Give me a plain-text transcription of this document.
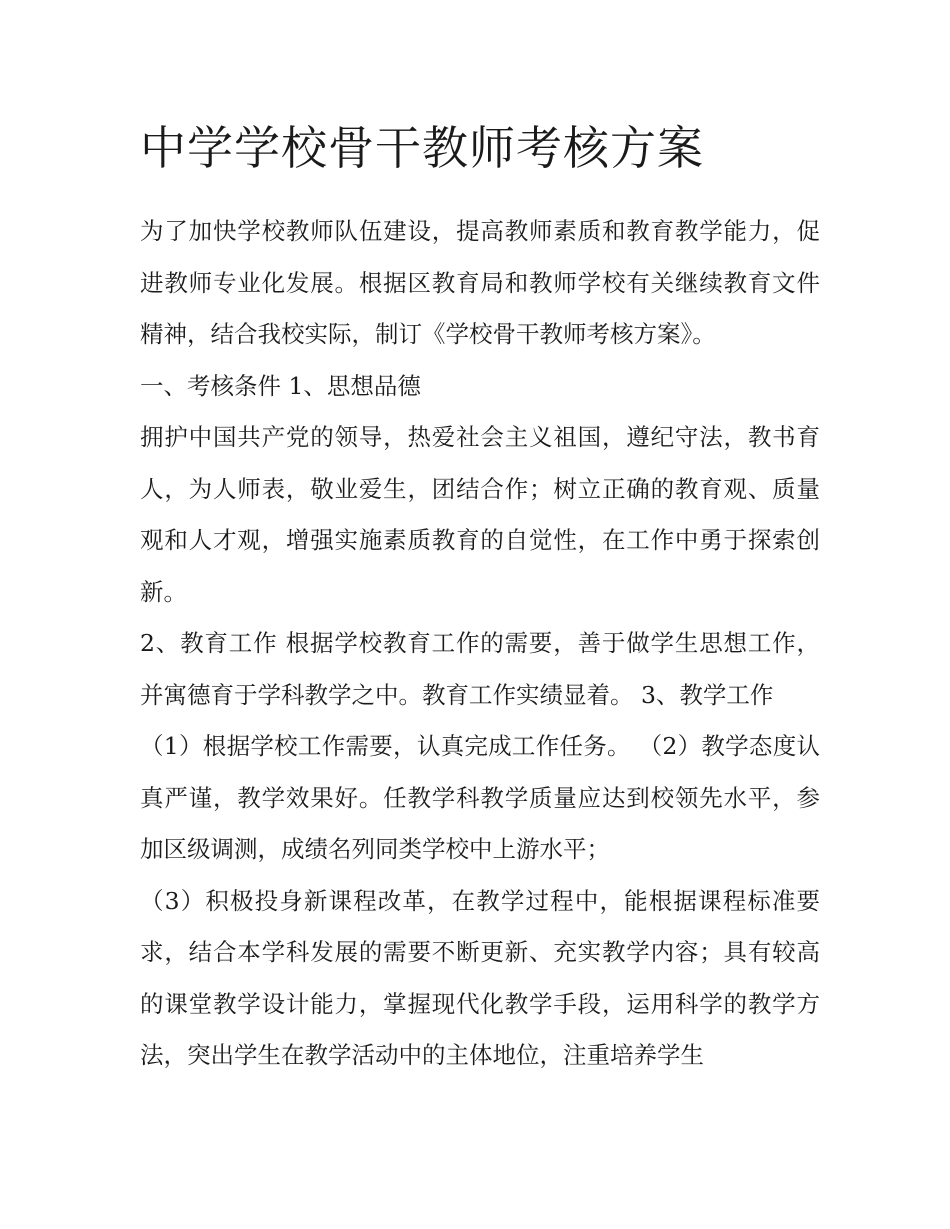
中学学校骨干教师考核方案

为了加快学校教师队伍建设，提高教师素质和教育教学能力，促进教师专业化发展。根据区教育局和教师学校有关继续教育文件精神，结合我校实际，制订《学校骨干教师考核方案》。

一、考核条件 1、思想品德

拥护中国共产党的领导，热爱社会主义祖国，遵纪守法，教书育人，为人师表，敬业爱生，团结合作；树立正确的教育观、质量观和人才观，增强实施素质教育的自觉性，在工作中勇于探索创新。

2、教育工作 根据学校教育工作的需要，善于做学生思想工作，并寓德育于学科教学之中。教育工作实绩显着。 3、教学工作

（1）根据学校工作需要，认真完成工作任务。 （2）教学态度认真严谨，教学效果好。任教学科教学质量应达到校领先水平，参加区级调测，成绩名列同类学校中上游水平；

（3）积极投身新课程改革，在教学过程中，能根据课程标准要求，结合本学科发展的需要不断更新、充实教学内容；具有较高的课堂教学设计能力，掌握现代化教学手段，运用科学的教学方法，突出学生在教学活动中的主体地位，注重培养学生
